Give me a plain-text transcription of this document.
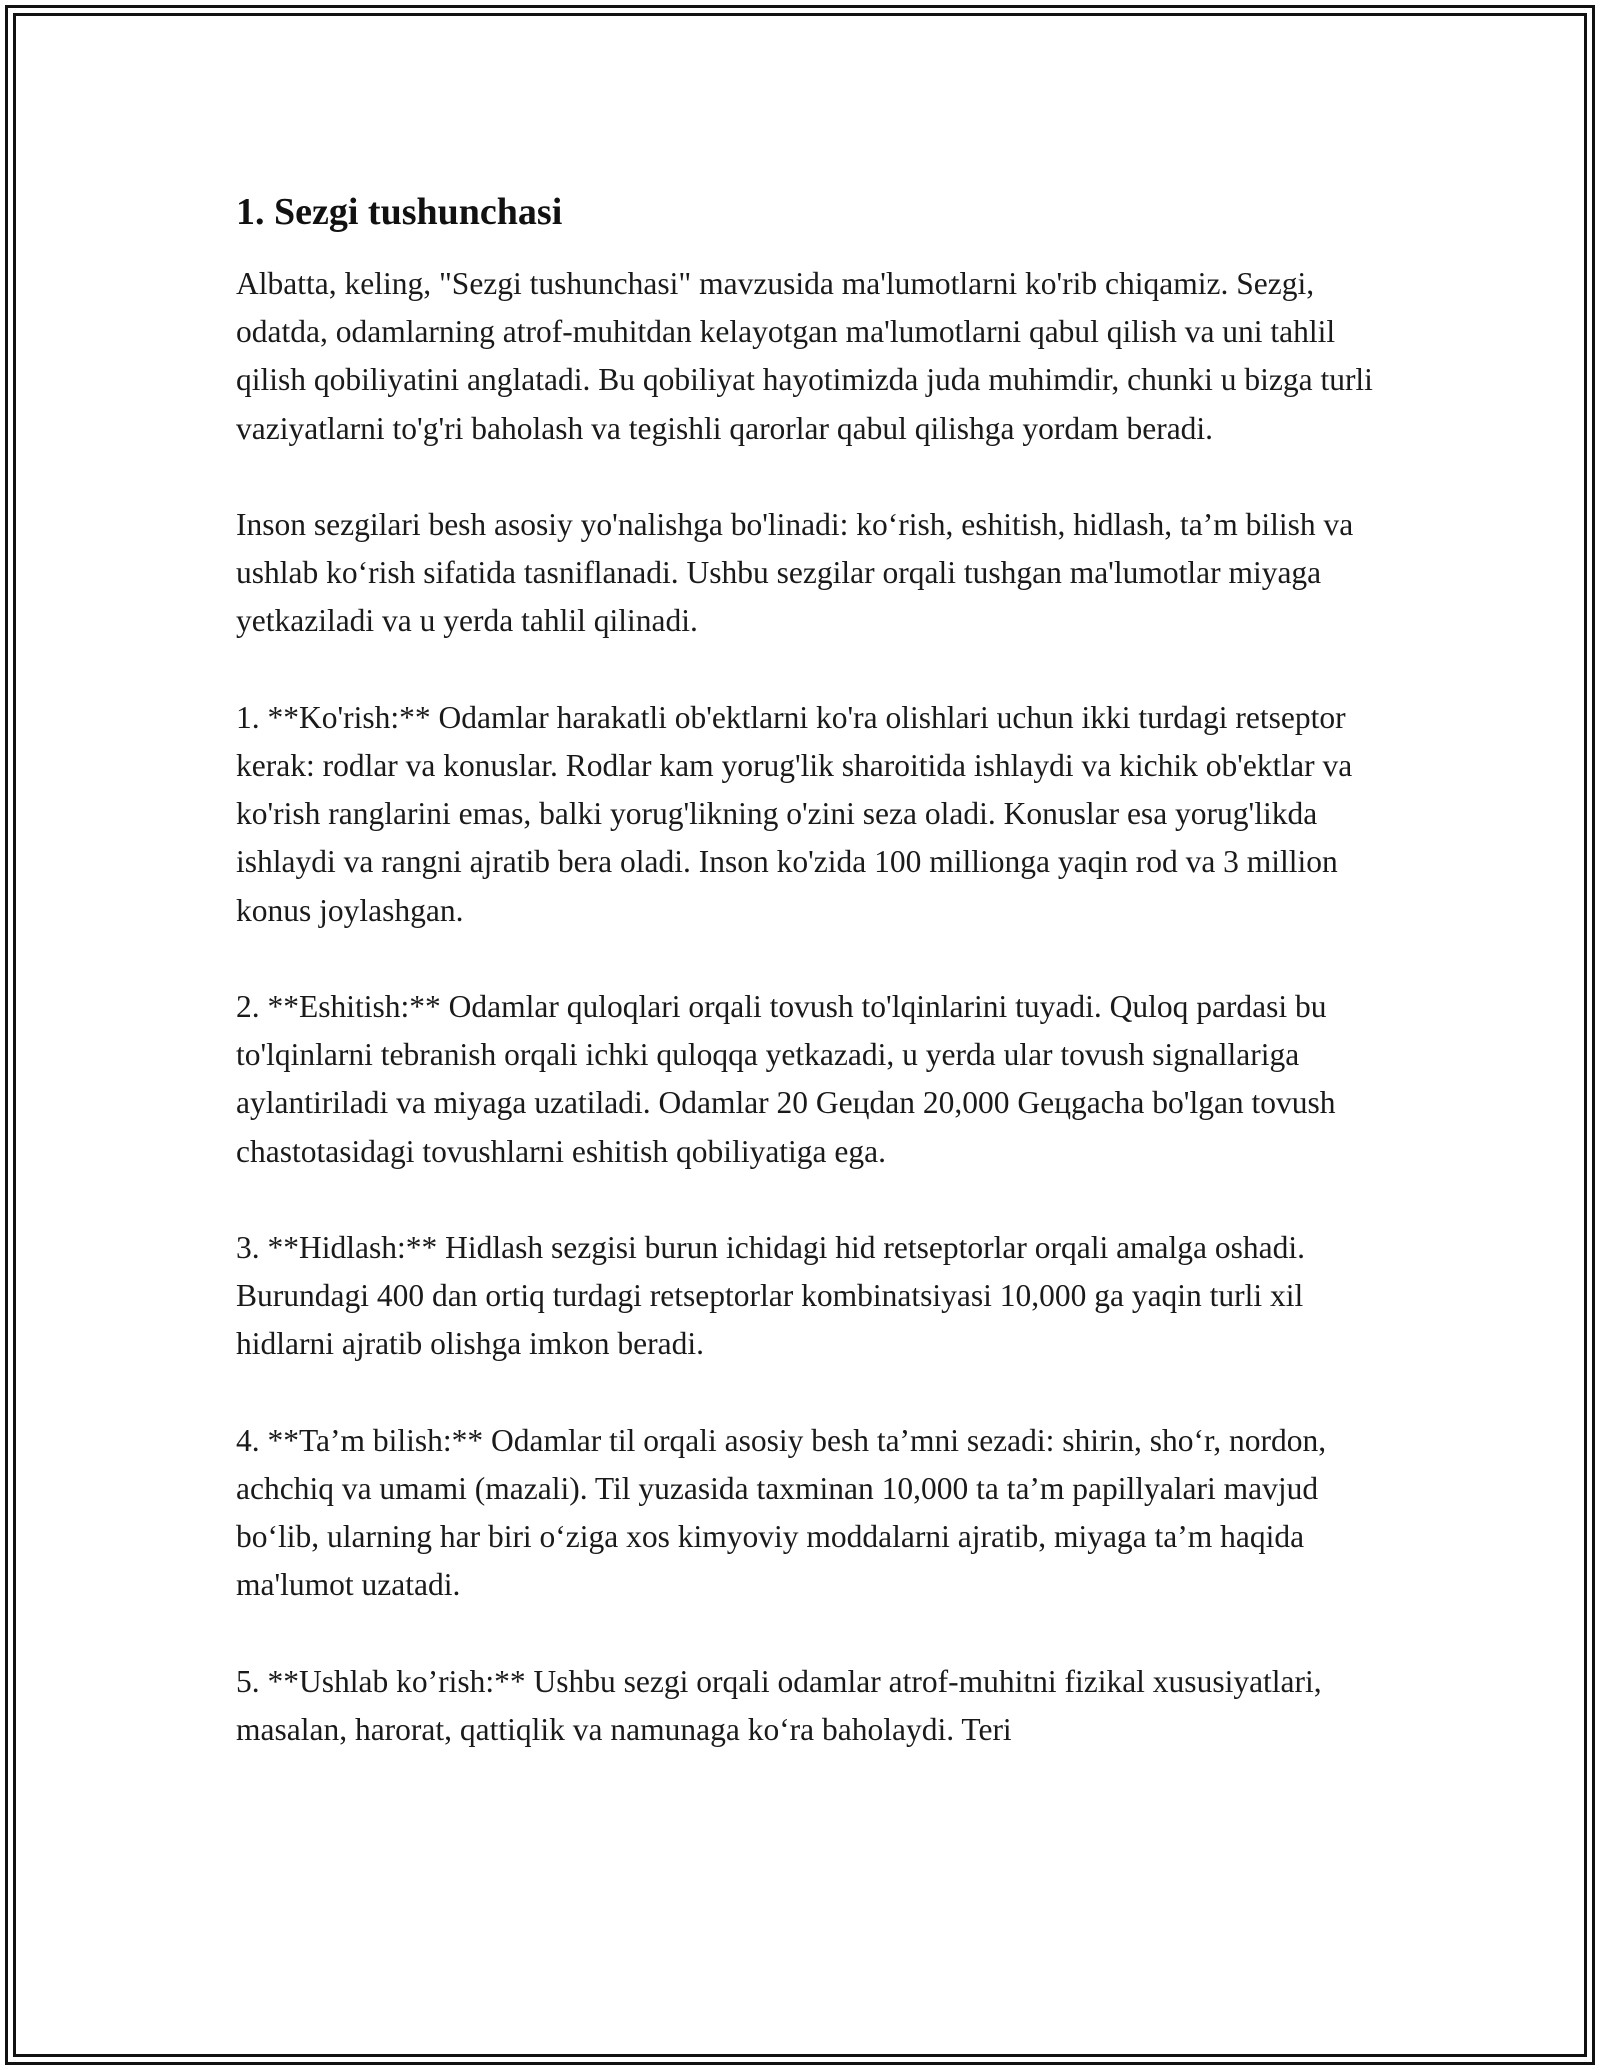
1. Sezgi tushunchasi

Albatta, keling, "Sezgi tushunchasi" mavzusida ma'lumotlarni ko'rib chiqamiz. Sezgi, odatda, odamlarning atrof-muhitdan kelayotgan ma'lumotlarni qabul qilish va uni tahlil qilish qobiliyatini anglatadi. Bu qobiliyat hayotimizda juda muhimdir, chunki u bizga turli vaziyatlarni to'g'ri baholash va tegishli qarorlar qabul qilishga yordam beradi.

Inson sezgilari besh asosiy yo'nalishga bo'linadi: ko‘rish, eshitish, hidlash, ta’m bilish va ushlab ko‘rish sifatida tasniflanadi. Ushbu sezgilar orqali tushgan ma'lumotlar miyaga yetkaziladi va u yerda tahlil qilinadi.

1. **Ko'rish:** Odamlar harakatli ob'ektlarni ko'ra olishlari uchun ikki turdagi retseptor kerak: rodlar va konuslar. Rodlar kam yorug'lik sharoitida ishlaydi va kichik ob'ektlar va ko'rish ranglarini emas, balki yorug'likning o'zini seza oladi. Konuslar esa yorug'likda ishlaydi va rangni ajratib bera oladi. Inson ko'zida 100 millionga yaqin rod va 3 million konus joylashgan.

2. **Eshitish:** Odamlar quloqlari orqali tovush to'lqinlarini tuyadi. Quloq pardasi bu to'lqinlarni tebranish orqali ichki quloqqa yetkazadi, u yerda ular tovush signallariga aylantiriladi va miyaga uzatiladi. Odamlar 20 Geцdan 20,000 Geцgacha bo'lgan tovush chastotasidagi tovushlarni eshitish qobiliyatiga ega.

3. **Hidlash:** Hidlash sezgisi burun ichidagi hid retseptorlar orqali amalga oshadi. Burundagi 400 dan ortiq turdagi retseptorlar kombinatsiyasi 10,000 ga yaqin turli xil hidlarni ajratib olishga imkon beradi.

4. **Ta’m bilish:** Odamlar til orqali asosiy besh ta’mni sezadi: shirin, sho‘r, nordon, achchiq va umami (mazali). Til yuzasida taxminan 10,000 ta ta’m papillyalari mavjud bo‘lib, ularning har biri o‘ziga xos kimyoviy moddalarni ajratib, miyaga ta’m haqida ma'lumot uzatadi.

5. **Ushlab ko’rish:** Ushbu sezgi orqali odamlar atrof-muhitni fizikal xususiyatlari, masalan, harorat, qattiqlik va namunaga ko‘ra baholaydi. Teri
